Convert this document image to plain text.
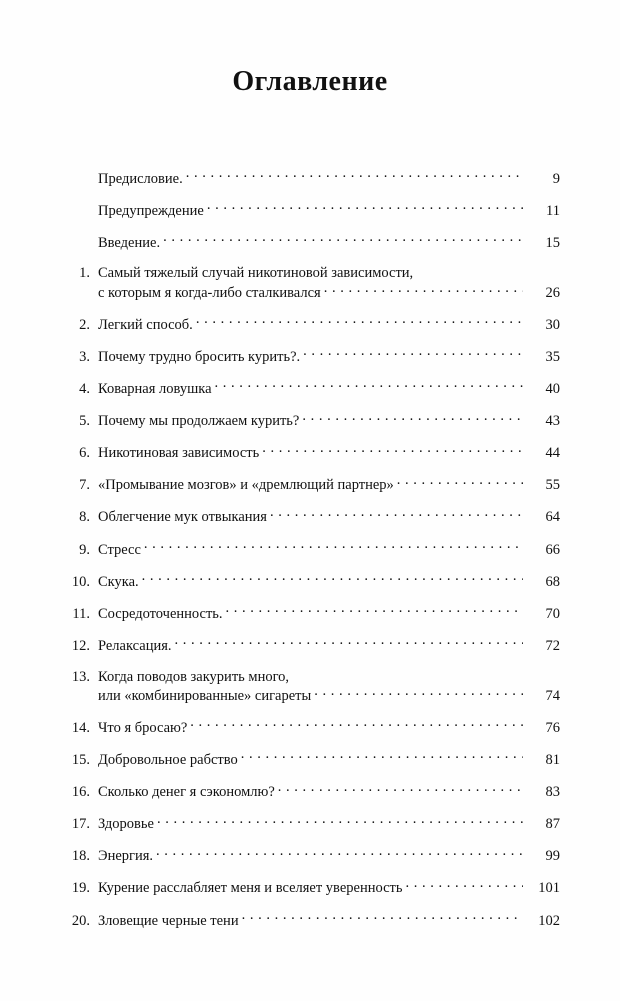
Оглавление
Предисловие. . . .	9
Предупреждение . . .	11
Введение. . . .	15
1. Самый тяжелый случай никотиновой зависимости,
с которым я когда-либо сталкивался . . .	26
2. Легкий способ. . . .	30
3. Почему трудно бросить курить?. . . .	35
4. Коварная ловушка . . .	40
5. Почему мы продолжаем курить? . . .	43
6. Никотиновая зависимость . . .	44
7. «Промывание мозгов» и «дремлющий партнер» . . .	55
8. Облегчение мук отвыкания . . .	64
9. Стресс . . .	66
10. Скука. . . .	68
11. Сосредоточенность. . . .	70
12. Релаксация. . . .	72
13. Когда поводов закурить много,
или «комбинированные» сигареты . . .	74
14. Что я бросаю? . . .	76
15. Добровольное рабство . . .	81
16. Сколько денег я сэкономлю? . . .	83
17. Здоровье . . .	87
18. Энергия. . . .	99
19. Курение расслабляет меня и вселяет уверенность . . .	101
20. Зловещие черные тени . . .	102
